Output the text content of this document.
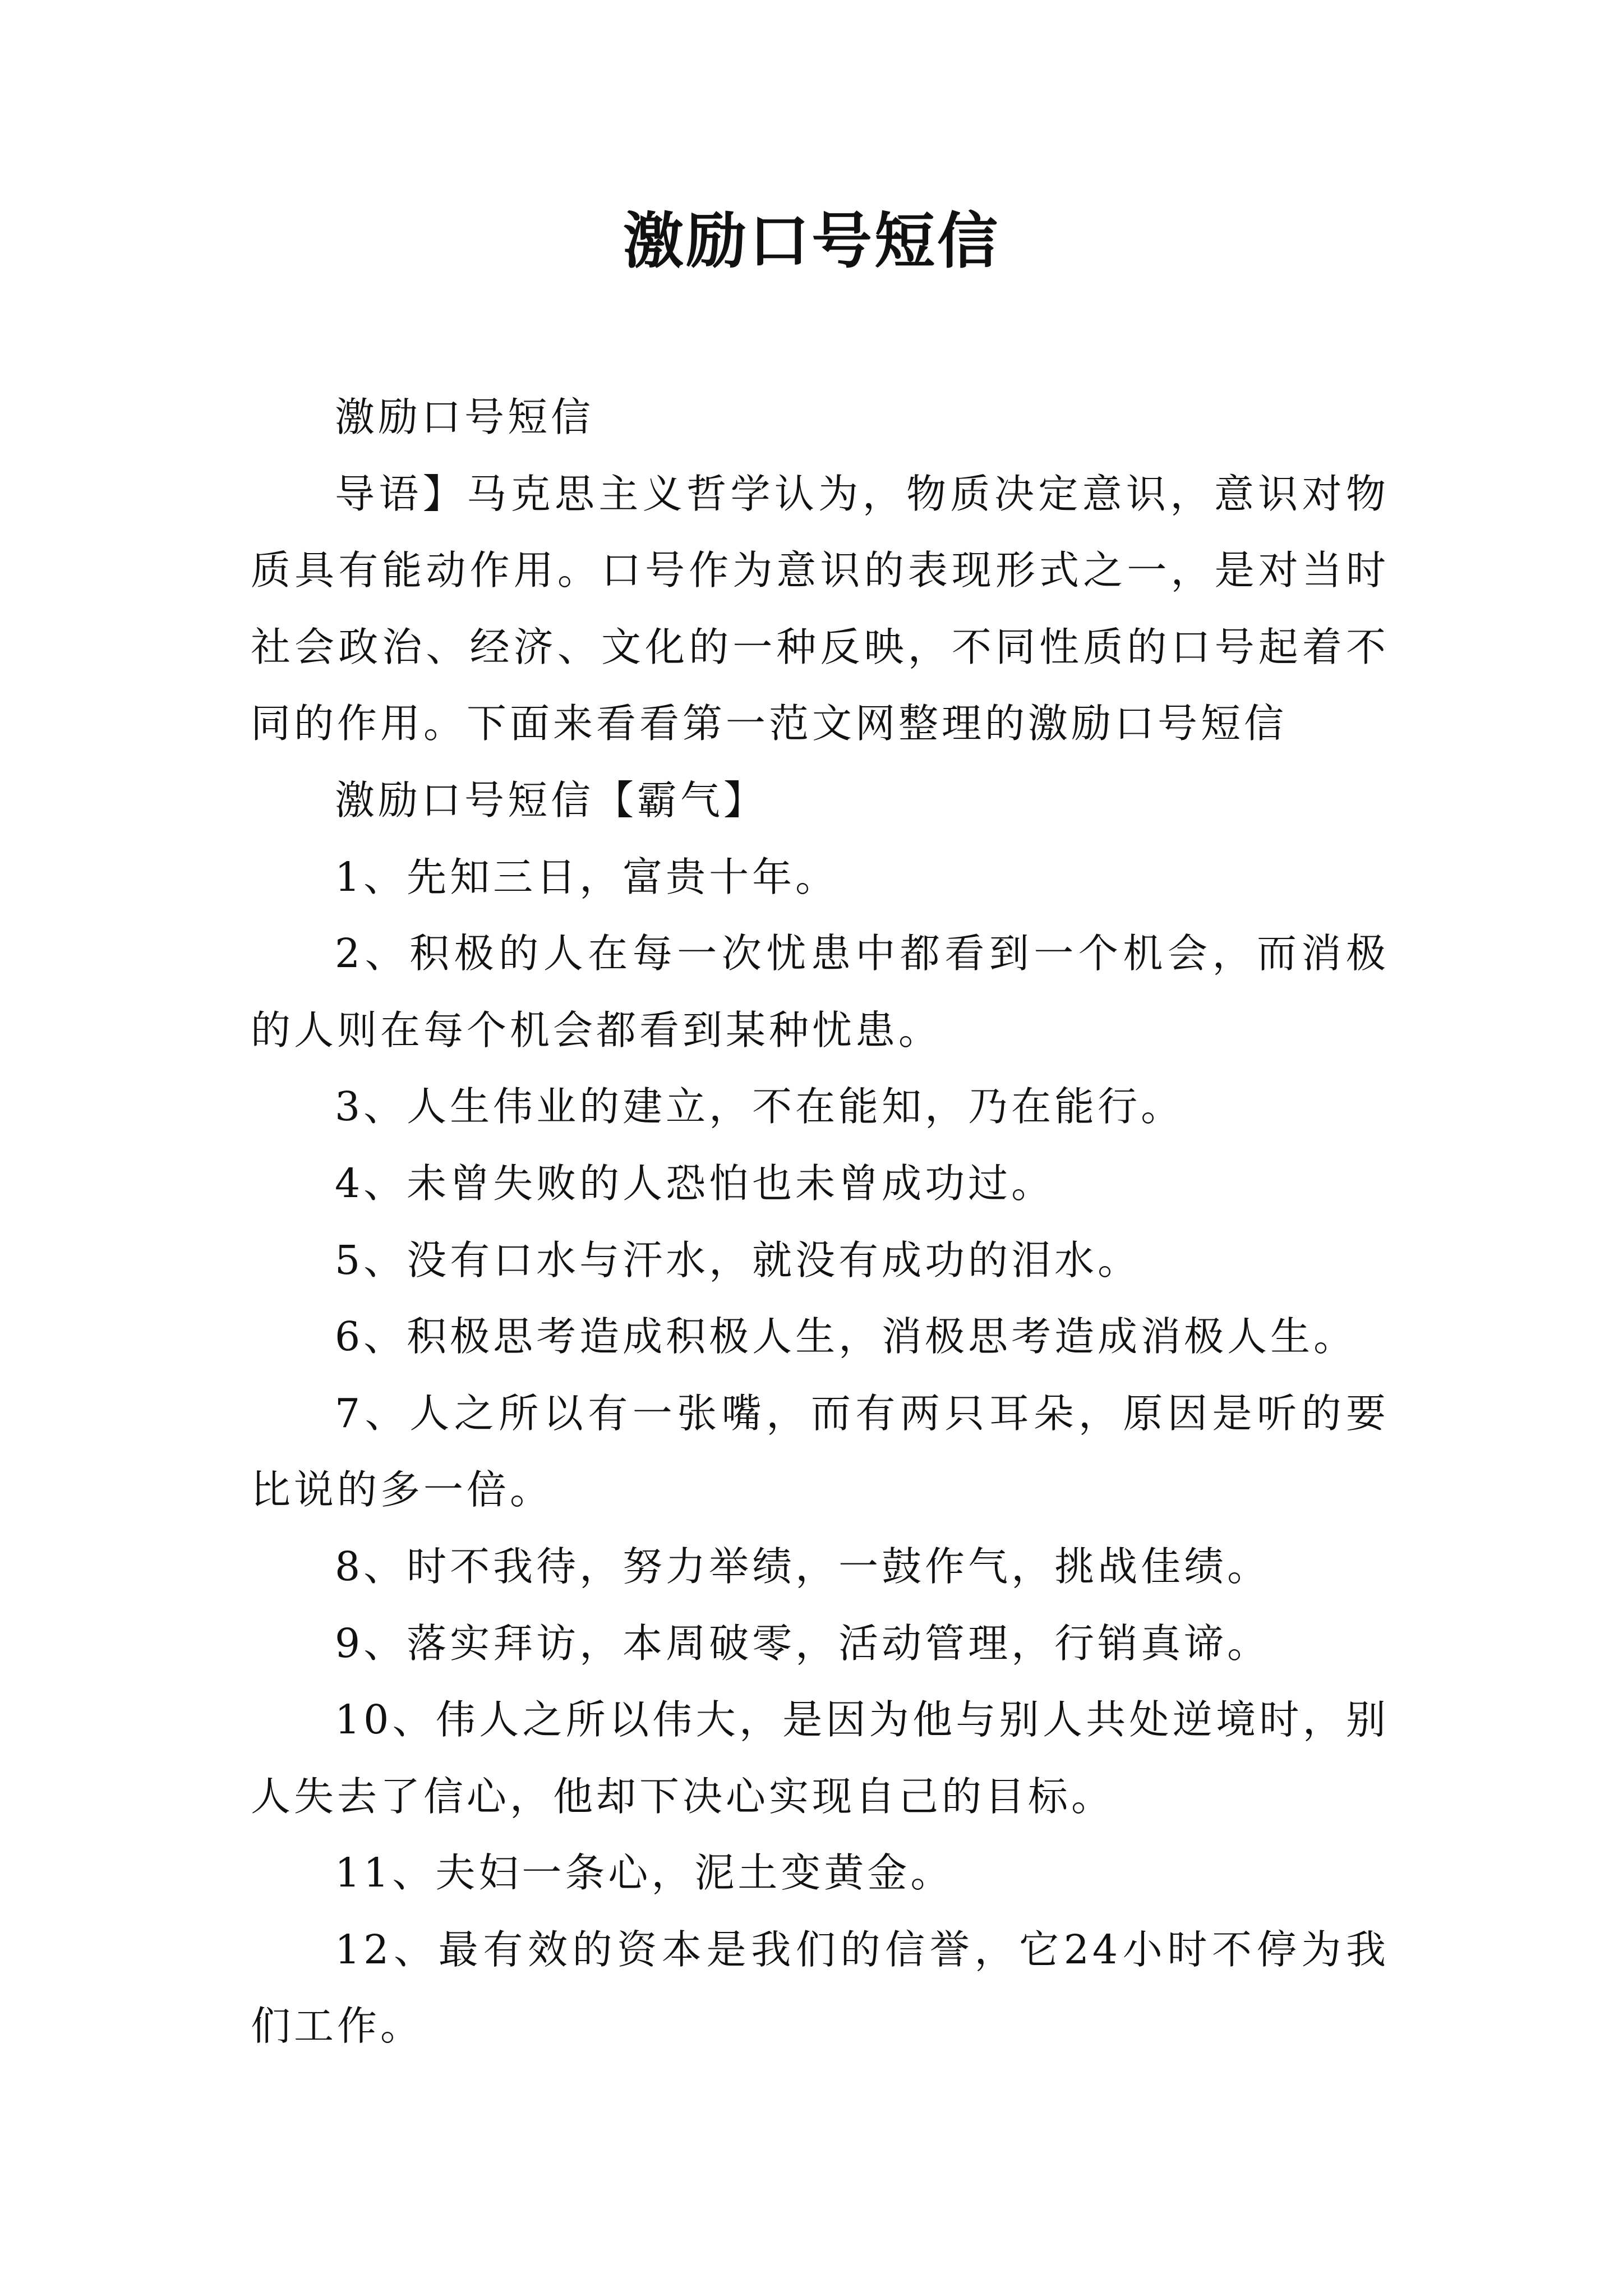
激励口号短信

激励口号短信

导语】马克思主义哲学认为，物质决定意识，意识对物质具有能动作用。口号作为意识的表现形式之一，是对当时社会政治、经济、文化的一种反映，不同性质的口号起着不同的作用。下面来看看第一范文网整理的激励口号短信

激励口号短信【霸气】

1、先知三日，富贵十年。

2、积极的人在每一次忧患中都看到一个机会，而消极的人则在每个机会都看到某种忧患。

3、人生伟业的建立，不在能知，乃在能行。

4、未曾失败的人恐怕也未曾成功过。

5、没有口水与汗水，就没有成功的泪水。

6、积极思考造成积极人生，消极思考造成消极人生。

7、人之所以有一张嘴，而有两只耳朵，原因是听的要比说的多一倍。

8、时不我待，努力举绩，一鼓作气，挑战佳绩。

9、落实拜访，本周破零，活动管理，行销真谛。

10、伟人之所以伟大，是因为他与别人共处逆境时，别人失去了信心，他却下决心实现自己的目标。

11、夫妇一条心，泥土变黄金。

12、最有效的资本是我们的信誉，它24小时不停为我们工作。
